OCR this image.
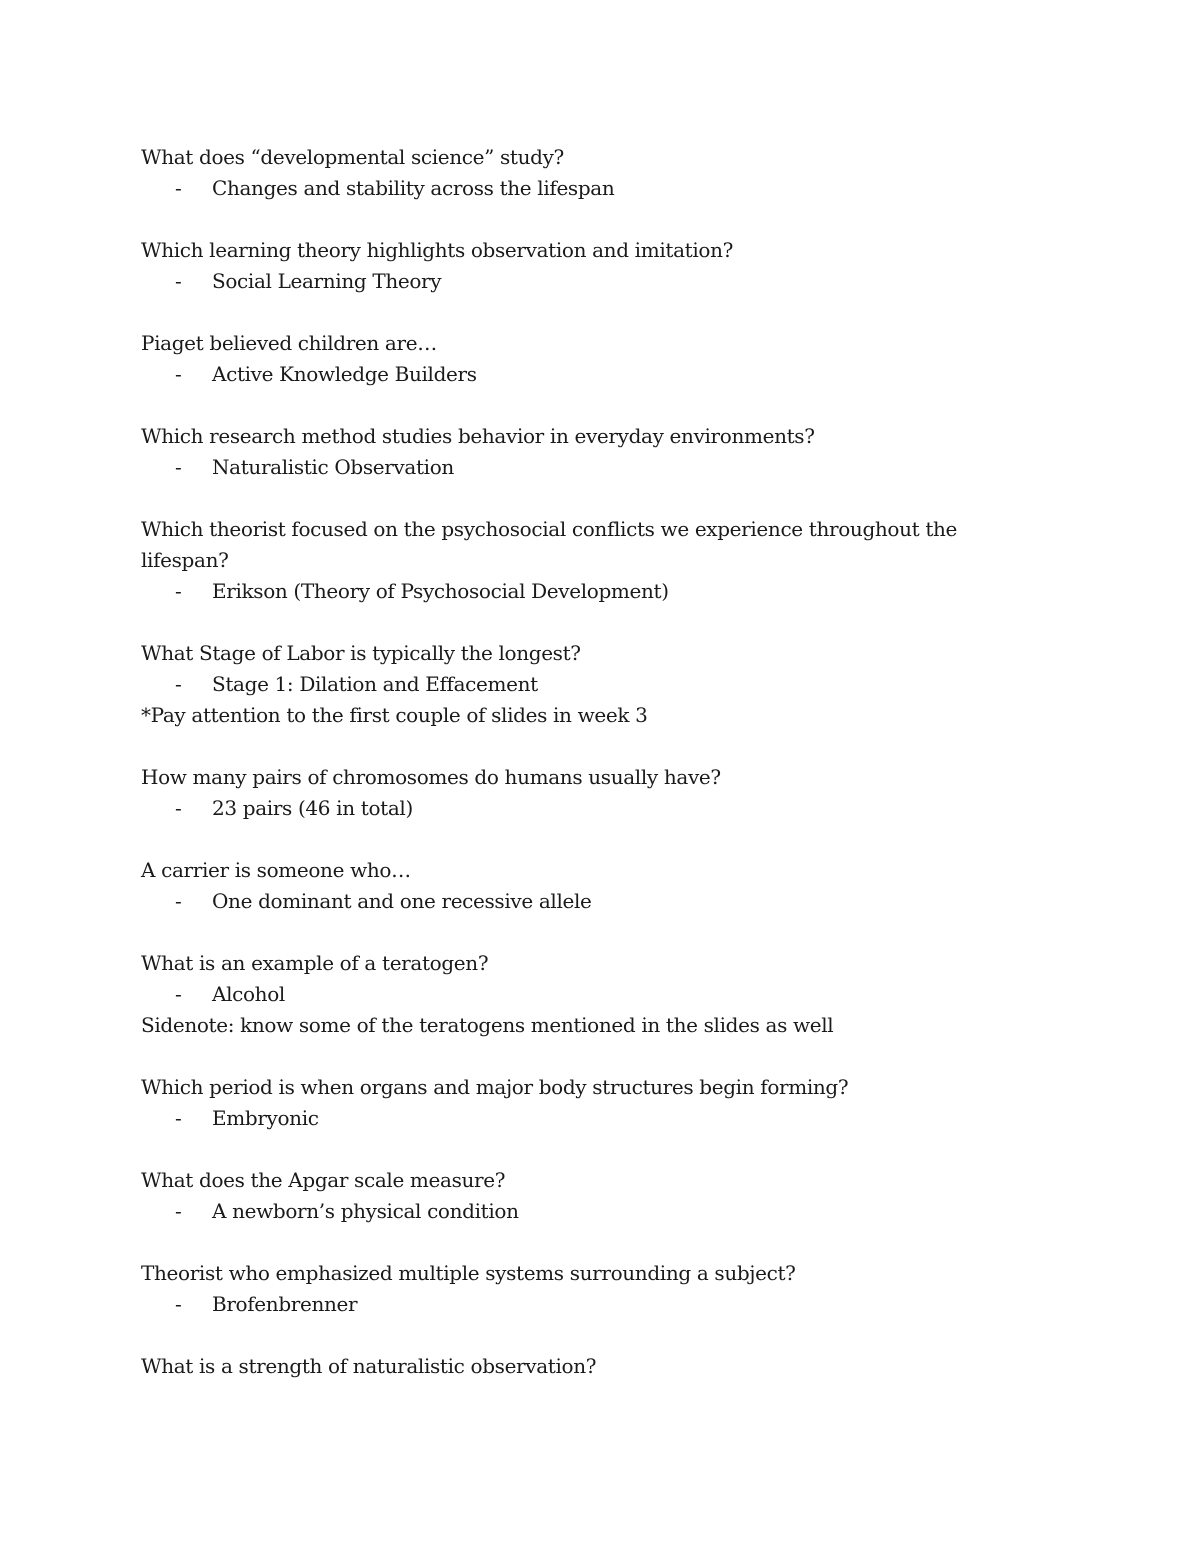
What does “developmental science” study?

- Changes and stability across the lifespan

Which learning theory highlights observation and imitation?

- Social Learning Theory

Piaget believed children are…

- Active Knowledge Builders

Which research method studies behavior in everyday environments?

- Naturalistic Observation

Which theorist focused on the psychosocial conflicts we experience throughout the lifespan?

- Erikson (Theory of Psychosocial Development)

What Stage of Labor is typically the longest?

- Stage 1: Dilation and Effacement

*Pay attention to the first couple of slides in week 3

How many pairs of chromosomes do humans usually have?

- 23 pairs (46 in total)

A carrier is someone who…

- One dominant and one recessive allele

What is an example of a teratogen?

- Alcohol

Sidenote: know some of the teratogens mentioned in the slides as well

Which period is when organs and major body structures begin forming?

- Embryonic

What does the Apgar scale measure?

- A newborn’s physical condition

Theorist who emphasized multiple systems surrounding a subject?

- Brofenbrenner

What is a strength of naturalistic observation?
